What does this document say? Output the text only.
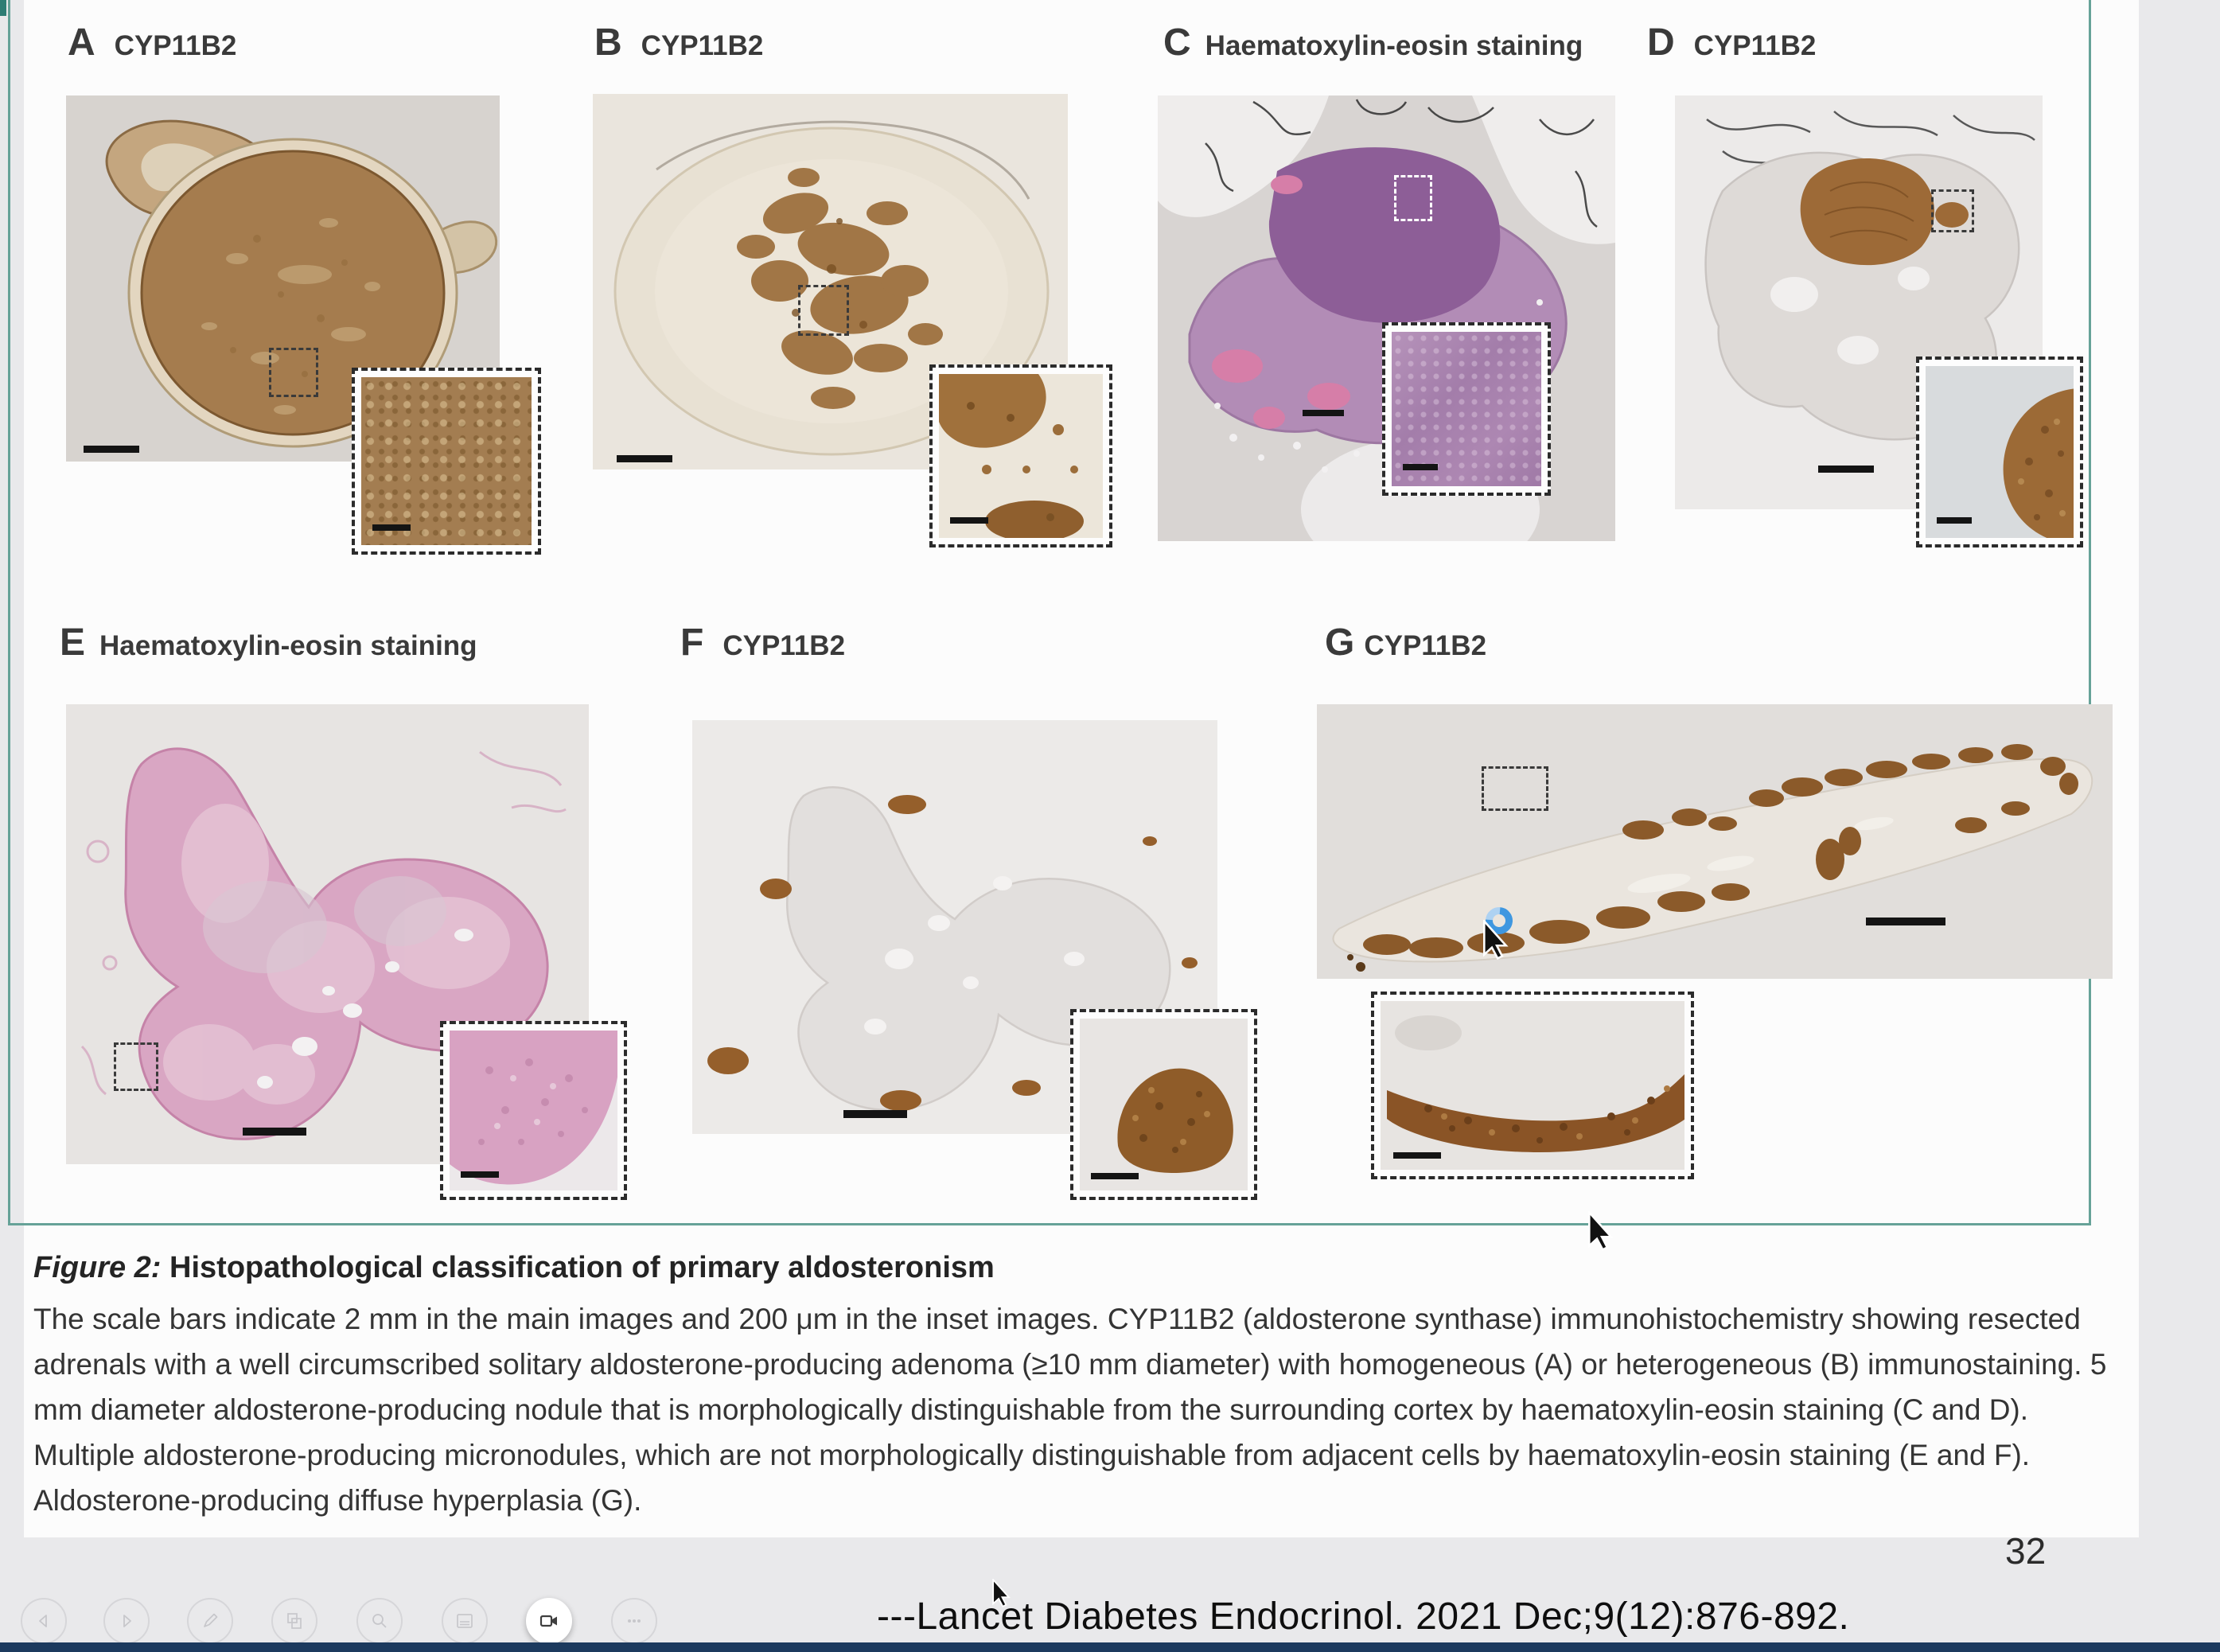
A CYP11B2	B CYP11B2	C Haematoxylin-eosin staining D CYP11B2
E Haematoxylin-eosin staining	F CYP11B2	G CYP11B2
Figure 2: Histopathological classification of primary aldosteronism
The scale bars indicate 2 mm in the main images and 200 μm in the inset images. CYP11B2 (aldosterone synthase) immunohistochemistry showing resected adrenals with a well circumscribed solitary aldosterone-producing adenoma (≥10 mm diameter) with homogeneous (A) or heterogeneous (B) immunostaining. 5 mm diameter aldosterone-producing nodule that is morphologically distinguishable from the surrounding cortex by haematoxylin-eosin staining (C and D). Multiple aldosterone-producing micronodules, which are not morphologically distinguishable from adjacent cells by haematoxylin-eosin staining (E and F). Aldosterone-producing diffuse hyperplasia (G).
32
---Lancet Diabetes Endocrinol. 2021 Dec;9(12):876-892.
